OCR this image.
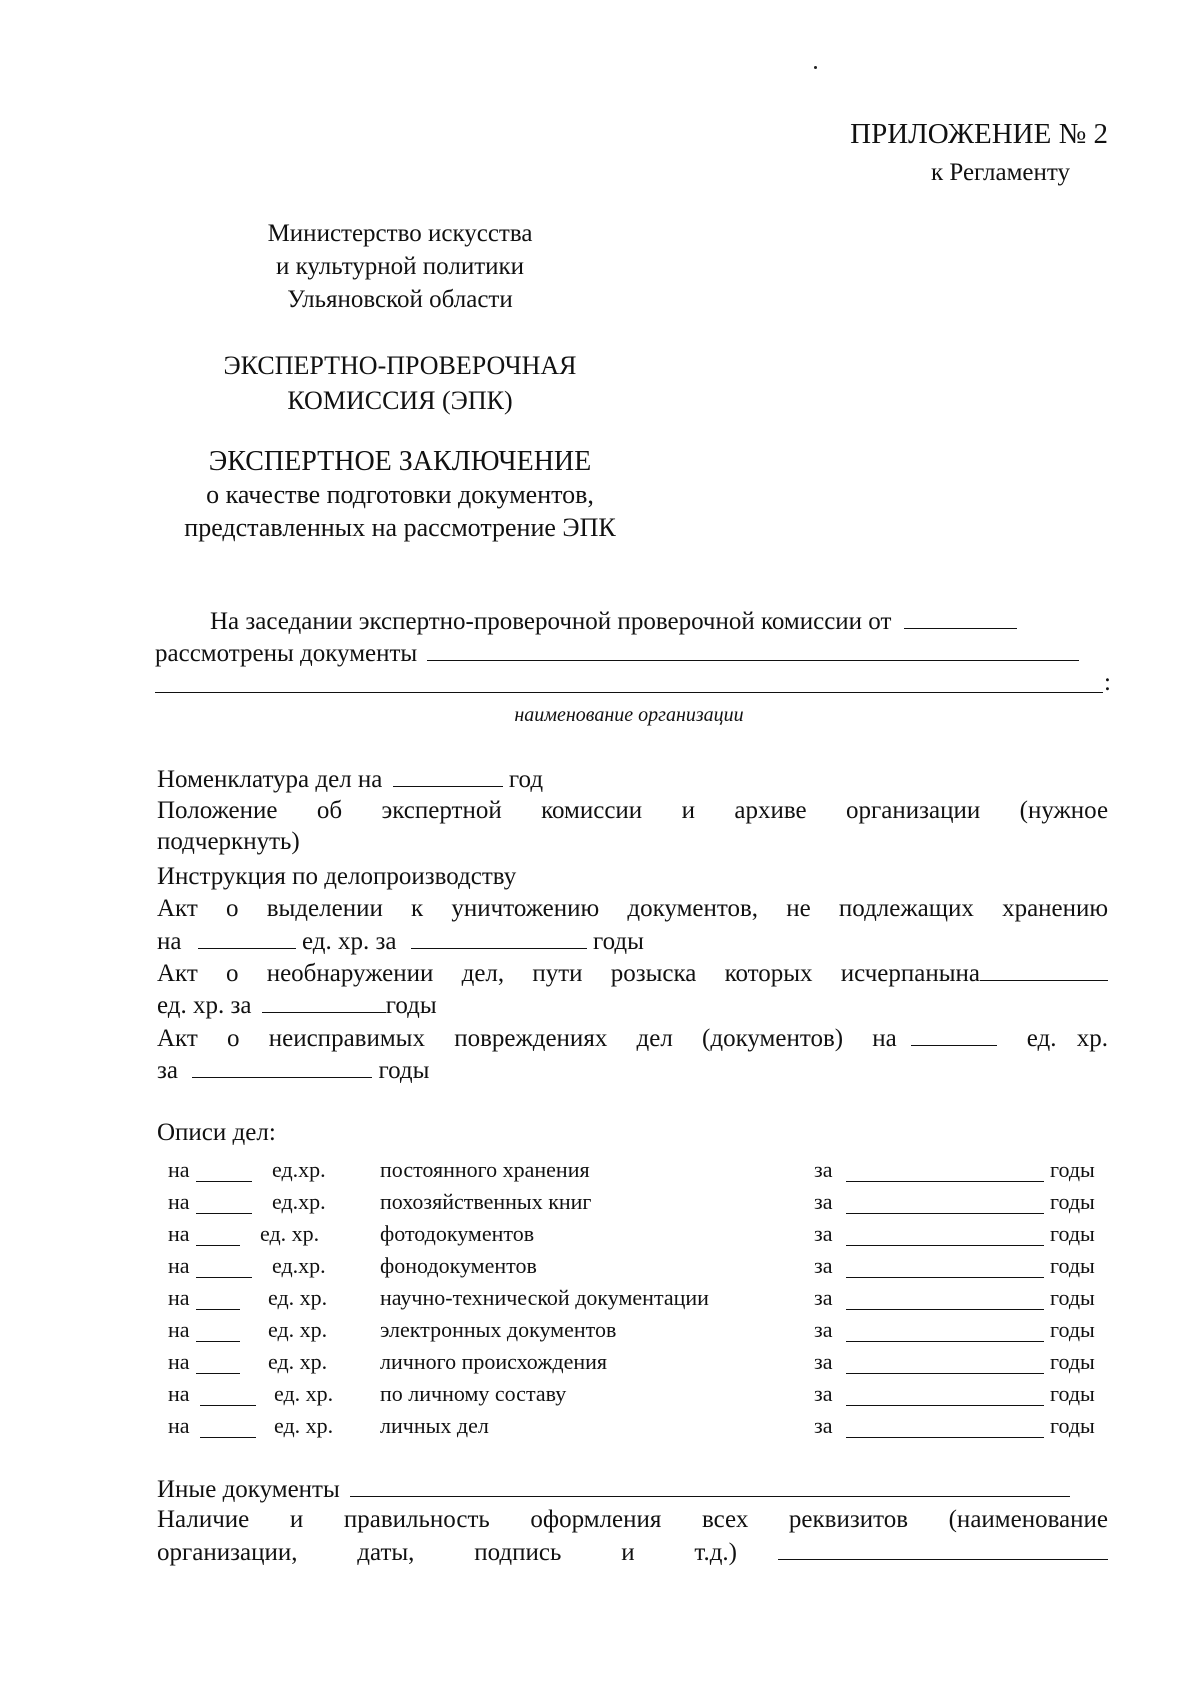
ПРИЛОЖЕНИЕ № 2
к Регламенту
Министерство искусства
и культурной политики
Ульяновской области
ЭКСПЕРТНО-ПРОВЕРОЧНАЯ
КОМИССИЯ (ЭПК)
ЭКСПЕРТНОЕ ЗАКЛЮЧЕНИЕ
о качестве подготовки документов,
представленных на рассмотрение ЭПК
На заседании экспертно-проверочной проверочной комиссии от
рассмотрены документы
:
наименование организации
Номенклатура дел на	год
Положение об экспертной комиссии и архиве организации (нужное
подчеркнуть)
Инструкция по делопроизводству
Акт о выделении к уничтожению документов, не подлежащих хранению
на	ед. хр. за	годы
Акт о необнаружении дел, пути розыска которых исчерпаны на
ед. хр. за	годы
Акт о неисправимых повреждениях дел (документов) на	ед. хр.
за	годы
Описи дел:
на	ед.хр. постоянного хранения	за	годы
на	ед.хр. похозяйственных книг	за	годы
на	ед. хр.	фотодокументов	за	годы
на	ед.хр. фонодокументов	за	годы
на	ед. хр. научно-технической документации	за	годы
на	ед. хр. электронных документов	за	годы
на	ед. хр. личного происхождения	за	годы
на	ед. хр. по личному составу	за	годы
на	ед. хр. личных дел	за	годы
Иные документы
Наличие и правильность оформления всех реквизитов (наименование
организации, даты, подпись и т.д.)
